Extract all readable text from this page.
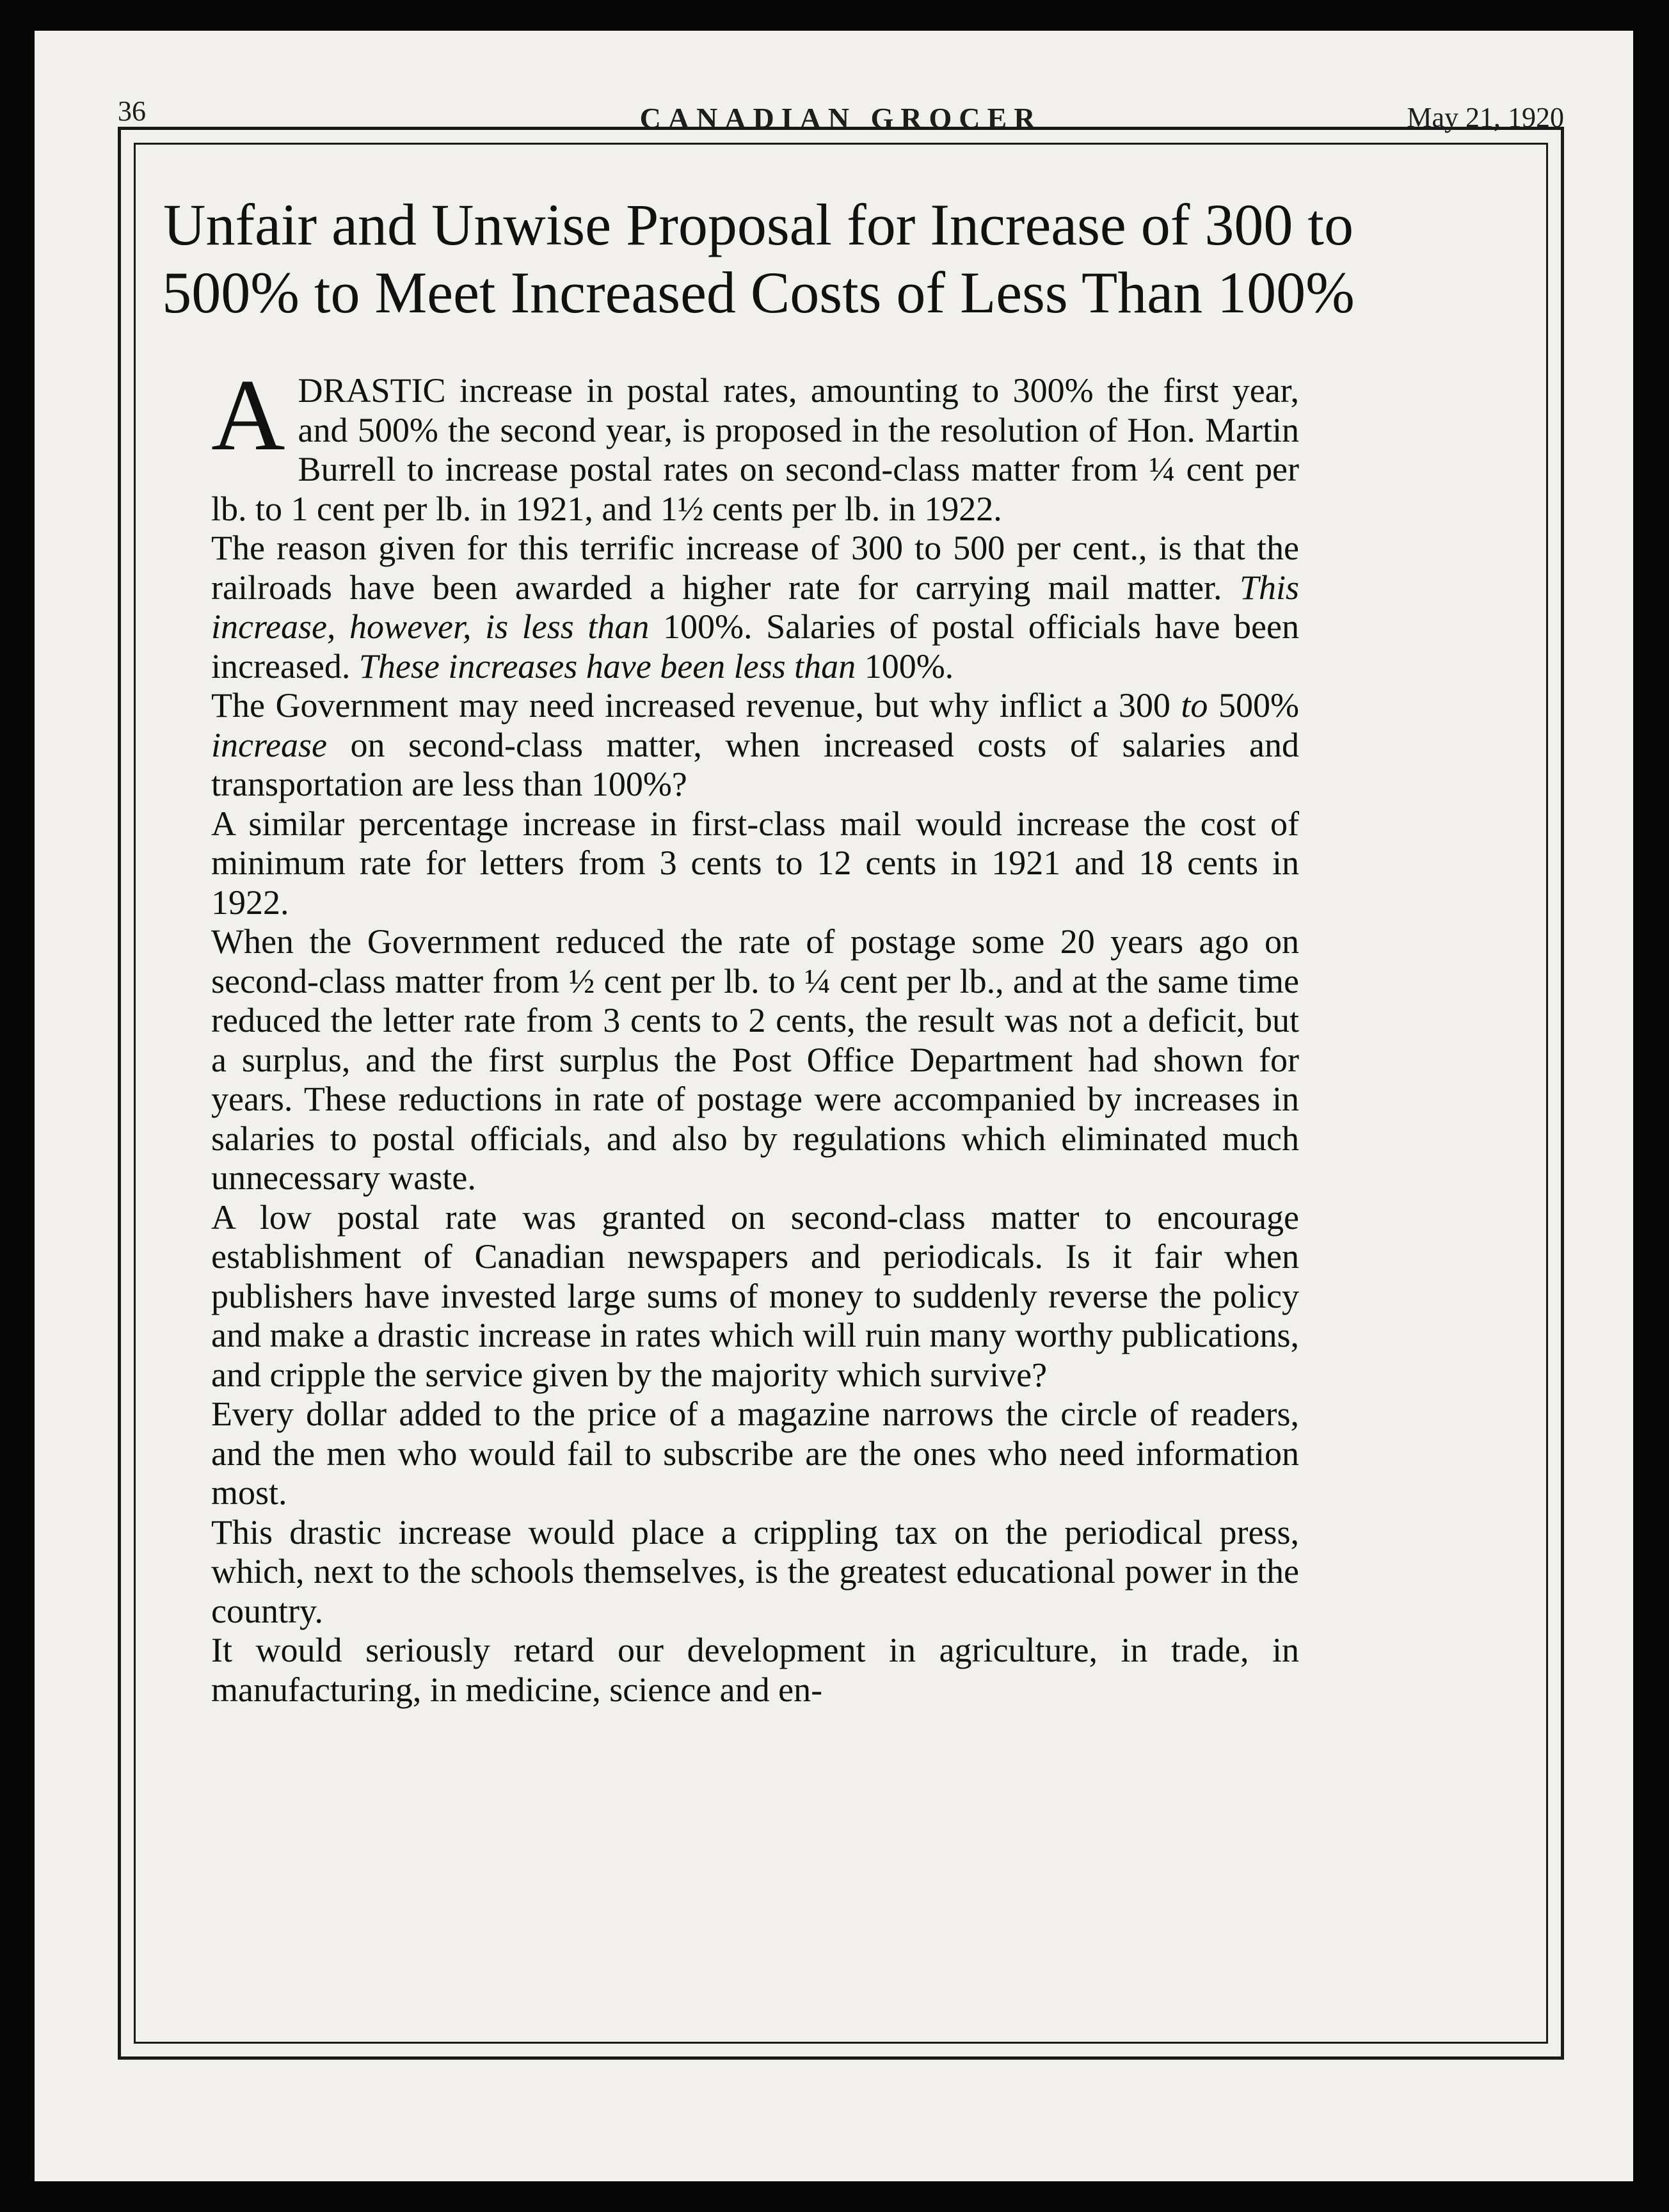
36	CANADIAN GROCER	May 21, 1920
Unfair and Unwise Proposal for Increase of 300 to 500% to Meet Increased Costs of Less Than 100%

ADRASTIC increase in postal rates, amounting to 300% the first year, and 500% the second year, is proposed in the resolution of Hon. Martin Burrell to increase postal rates on second-class matter from ¼ cent per lb. to 1 cent per lb. in 1921, and 1½ cents per lb. in 1922.

The reason given for this terrific increase of 300 to 500 per cent., is that the railroads have been awarded a higher rate for carrying mail matter. This increase, however, is less than 100%. Salaries of postal officials have been increased. These increases have been less than 100%.

The Government may need increased revenue, but why inflict a 300 to 500% increase on second-class matter, when increased costs of salaries and transportation are less than 100%?

A similar percentage increase in first-class mail would increase the cost of minimum rate for letters from 3 cents to 12 cents in 1921 and 18 cents in 1922.

When the Government reduced the rate of postage some 20 years ago on second-class matter from ½ cent per lb. to ¼ cent per lb., and at the same time reduced the letter rate from 3 cents to 2 cents, the result was not a deficit, but a surplus, and the first surplus the Post Office Department had shown for years. These reductions in rate of postage were accompanied by increases in salaries to postal officials, and also by regulations which eliminated much unnecessary waste.

A low postal rate was granted on second-class matter to encourage establishment of Canadian newspapers and periodicals. Is it fair when publishers have invested large sums of money to suddenly reverse the policy and make a drastic increase in rates which will ruin many worthy publications, and cripple the service given by the majority which survive?

Every dollar added to the price of a magazine narrows the circle of readers, and the men who would fail to subscribe are the ones who need information most.

This drastic increase would place a crippling tax on the periodical press, which, next to the schools themselves, is the greatest educational power in the country.

It would seriously retard our development in agriculture, in trade, in manufacturing, in medicine, science and en-
